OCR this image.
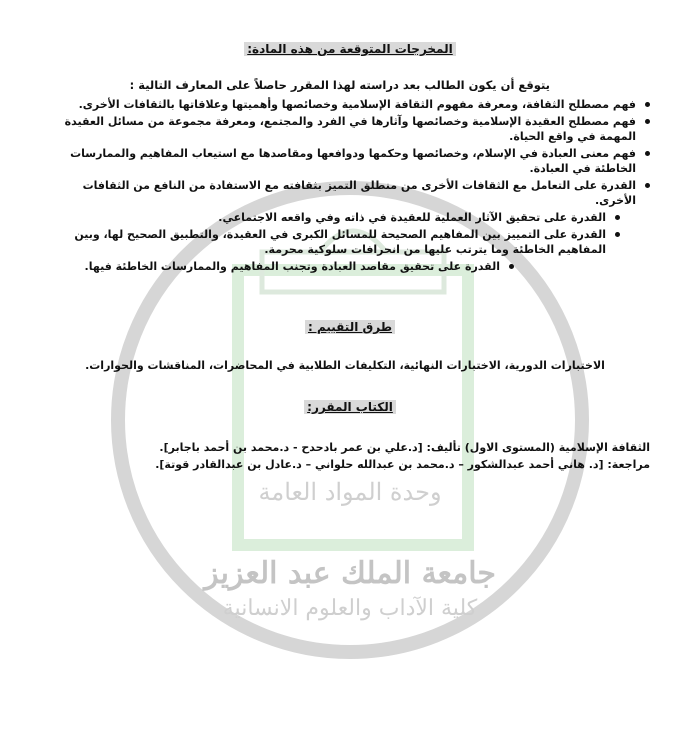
وحدة المواد العامة
جامعة الملك عبد العزيز
كلية الآداب والعلوم الانسانية
المخرجات المتوقعة من هذه المادة:
يتوقع أن يكون الطالب بعد دراسته لهذا المقرر حاصلاً على المعارف التالية :
فهم مصطلح الثقافة، ومعرفة مفهوم الثقافة الإسلامية وخصائصها وأهميتها وعلاقاتها بالثقافات الأخرى.
فهم مصطلح العقيدة الإسلامية وخصائصها وآثارها في الفرد والمجتمع، ومعرفة مجموعة من مسائل العقيدة المهمة في واقع الحياة.
فهم معنى العبادة في الإسلام، وخصائصها وحكمها ودوافعها ومقاصدها مع استيعاب المفاهيم والممارسات الخاطئة في العبادة.
القدرة على التعامل مع الثقافات الأخرى من منطلق التميز بثقافته مع الاستفادة من النافع من الثقافات الأخرى.
القدرة على تحقيق الآثار العملية للعقيدة في ذاته وفي واقعه الاجتماعي.
القدرة على التمييز بين المفاهيم الصحيحة للمسائل الكبرى في العقيدة، والتطبيق الصحيح لها، وبين المفاهيم الخاطئة وما يترتب عليها من انحرافات سلوكية محرمة.
القدرة على تحقيق مقاصد العبادة وتجنب المفاهيم والممارسات الخاطئة فيها.
طرق التقييم :
الاختبارات الدورية، الاختبارات النهائية، التكليفات الطلابية في المحاضرات، المناقشات والحوارات.
الكتاب المقرر:
الثقافة الإسلامية (المستوى الاول) تأليف: [د.علي بن عمر بادحدح - د.محمد بن أحمد باجابر].
مراجعة: [د. هاني أحمد عبدالشكور – د.محمد بن عبدالله حلواني – د.عادل بن عبدالقادر قوتة].
